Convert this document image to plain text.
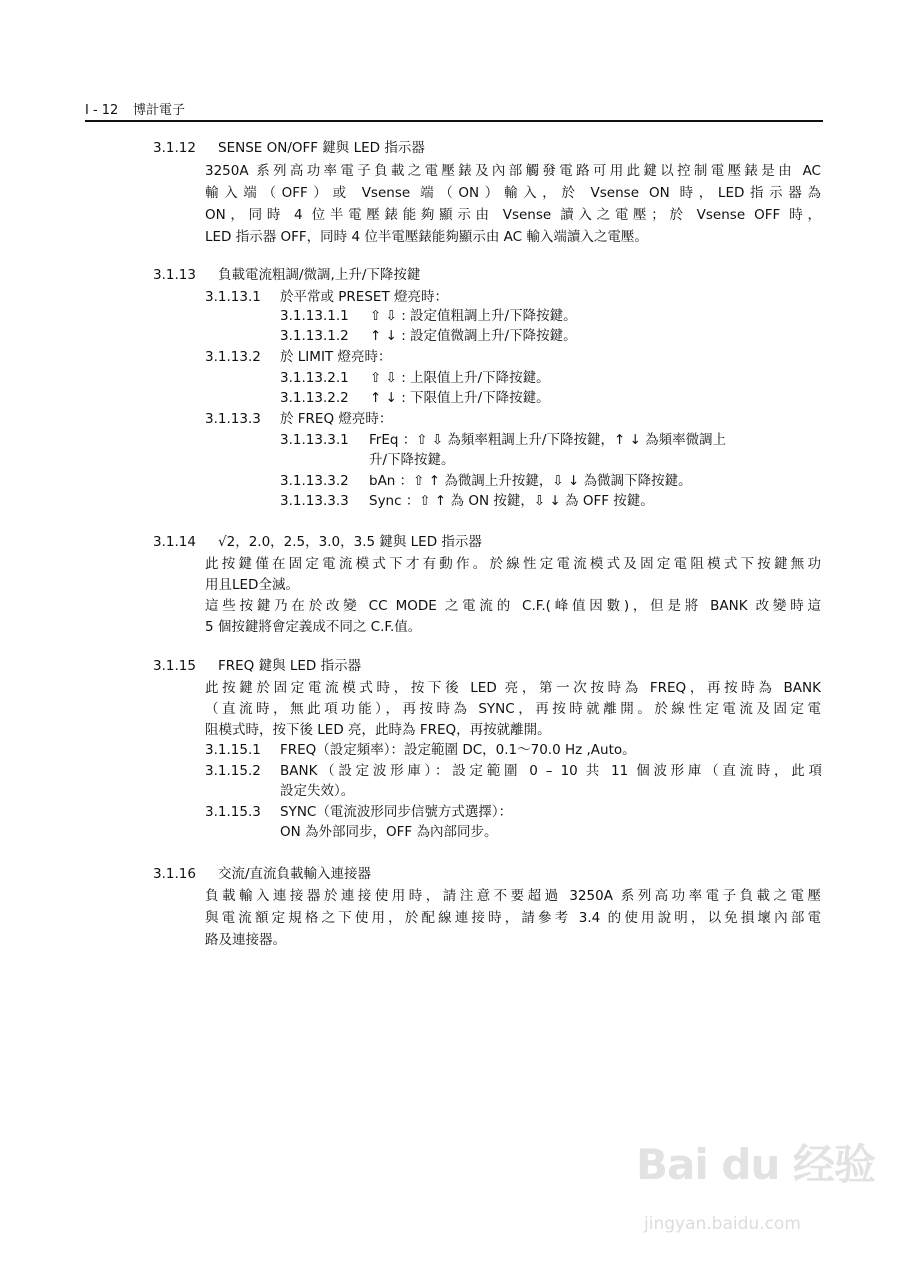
I - 12 博計電子
3.1.12 SENSE ON/OFF 鍵與 LED 指示器
3250A 系列高功率電子負載之電壓錶及內部觸發電路可用此鍵以控制電壓錶是由 AC
輸入端（OFF）或 Vsense 端（ON）輸入，於 Vsense ON 時，LED指示器為
ON，同時 4 位半電壓錶能夠顯示由 Vsense 讀入之電壓；於 Vsense OFF 時，
LED 指示器 OFF，同時 4 位半電壓錶能夠顯示由 AC 輸入端讀入之電壓。
3.1.13 負載電流粗調/微調,上升/下降按鍵
3.1.13.1 於平常或 PRESET 燈亮時：
3.1.13.1.1 ⇧ ⇩ : 設定值粗調上升/下降按鍵。
3.1.13.1.2 ↑ ↓ : 設定值微調上升/下降按鍵。
3.1.13.2 於 LIMIT 燈亮時：
3.1.13.2.1 ⇧ ⇩ : 上限值上升/下降按鍵。
3.1.13.2.2 ↑ ↓ : 下限值上升/下降按鍵。
3.1.13.3 於 FREQ 燈亮時：
3.1.13.3.1 FrEq ：⇧ ⇩ 為頻率粗調上升/下降按鍵，↑ ↓ 為頻率微調上
升/下降按鍵。
3.1.13.3.2 bAn ：⇧ ↑ 為微調上升按鍵，⇩ ↓ 為微調下降按鍵。
3.1.13.3.3 Sync ：⇧ ↑ 為 ON 按鍵，⇩ ↓ 為 OFF 按鍵。
3.1.14 √2，2.0，2.5，3.0，3.5 鍵與 LED 指示器
此按鍵僅在固定電流模式下才有動作。於線性定電流模式及固定電阻模式下按鍵無功
用且LED全滅。
這些按鍵乃在於改變 CC MODE 之電流的 C.F.(峰值因數)，但是將 BANK 改變時這
5 個按鍵將會定義成不同之 C.F.值。
3.1.15 FREQ 鍵與 LED 指示器
此按鍵於固定電流模式時，按下後 LED 亮，第一次按時為 FREQ，再按時為 BANK
（直流時，無此項功能），再按時為 SYNC，再按時就離開。於線性定電流及固定電
阻模式時，按下後 LED 亮，此時為 FREQ，再按就離開。
3.1.15.1 FREQ（設定頻率）：設定範圍 DC，0.1～70.0 Hz ,Auto。
3.1.15.2 BANK（設定波形庫）：設定範圍 0 – 10 共 11 個波形庫（直流時，此項
設定失效）。
3.1.15.3 SYNC（電流波形同步信號方式選擇）：
ON 為外部同步，OFF 為內部同步。
3.1.16 交流/直流負載輸入連接器
負載輸入連接器於連接使用時，請注意不要超過 3250A 系列高功率電子負載之電壓
與電流額定規格之下使用，於配線連接時，請參考 3.4 的使用說明，以免損壞內部電
路及連接器。
Bai du 经验
jingyan.baidu.com
